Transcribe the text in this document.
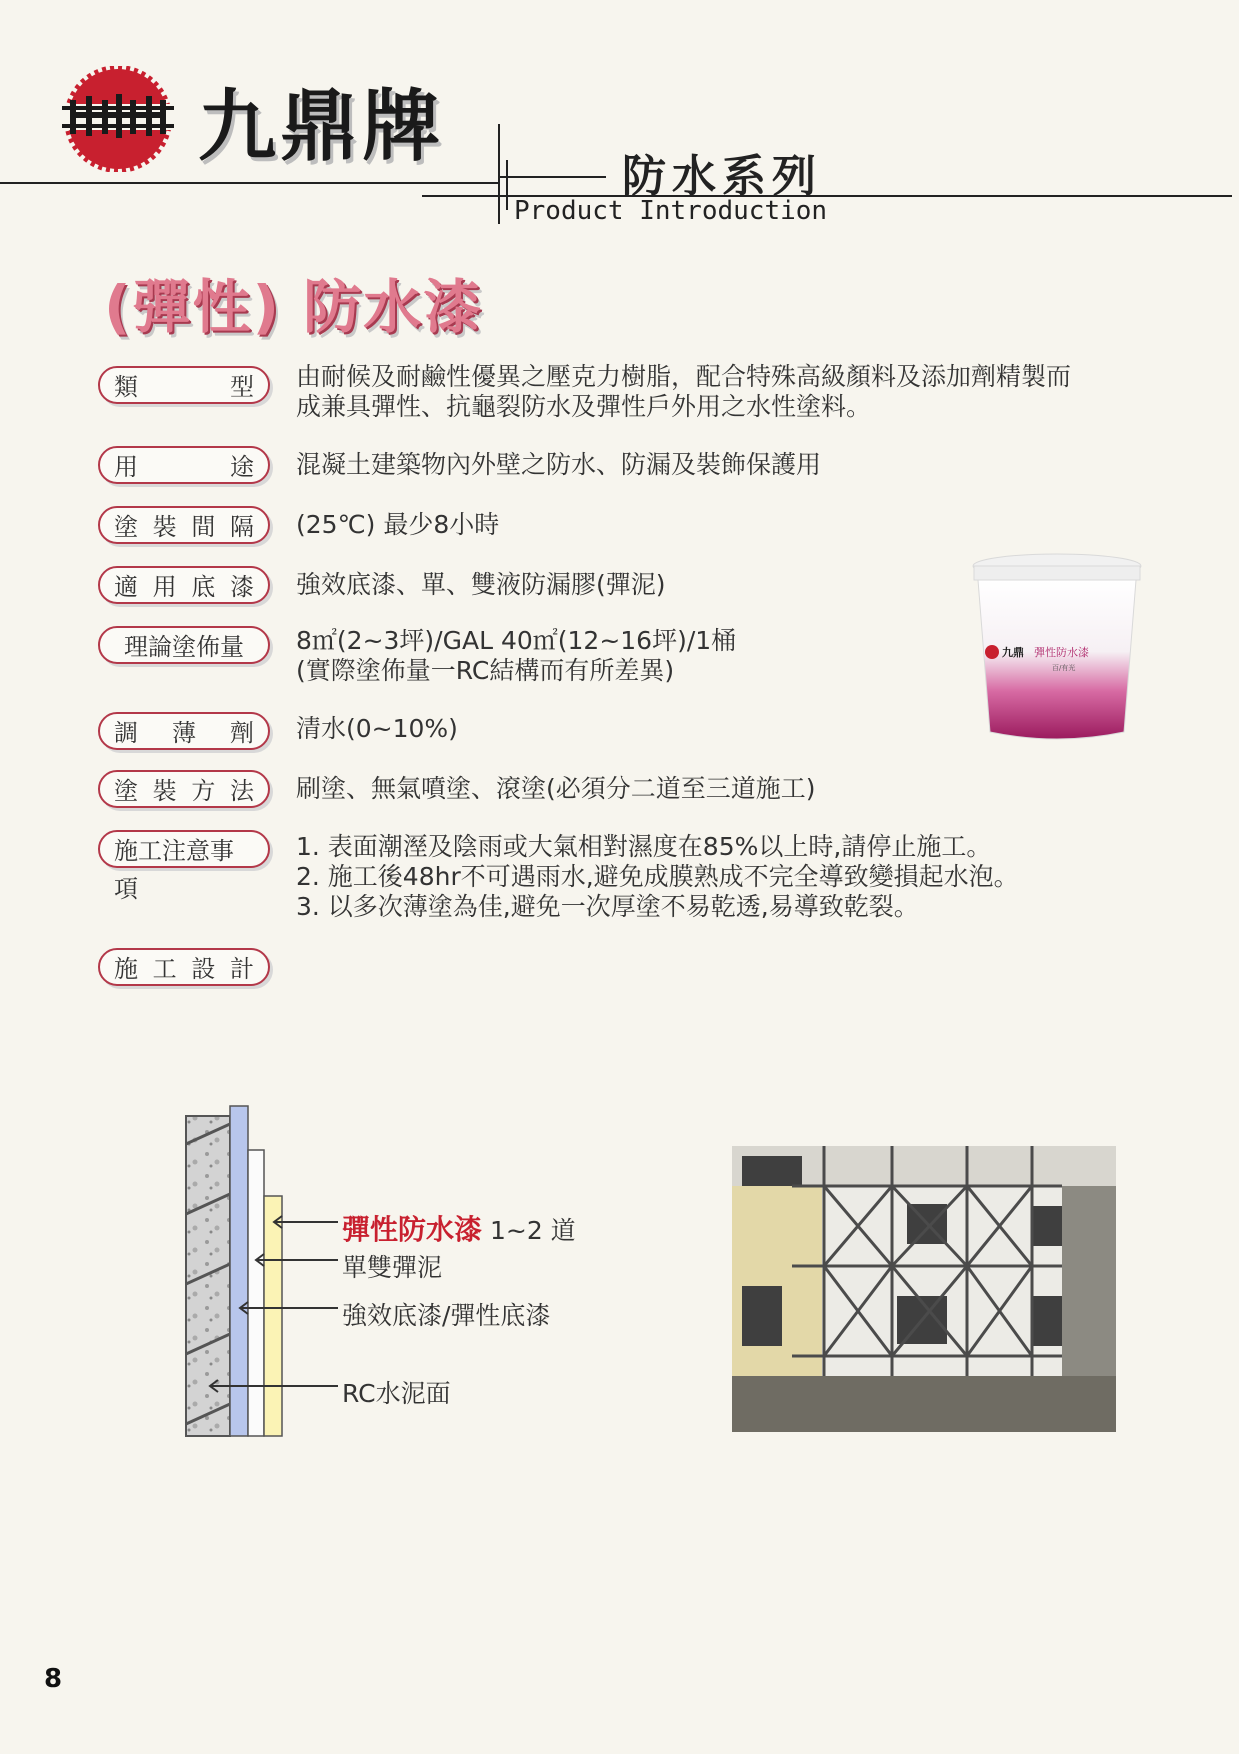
九鼎牌
防水系列
Product Introduction
(彈性) 防水漆
類	型 由耐候及耐鹼性優異之壓克力樹脂，配合特殊高級顏料及添加劑精製而
成兼具彈性、抗龜裂防水及彈性戶外用之水性塗料。
用	途 混凝土建築物內外壁之防水、防漏及裝飾保護用
塗 裝 間 隔 (25℃) 最少8小時
適 用 底 漆 強效底漆、單、雙液防漏膠(彈泥)
理論塗佈量 8㎡(2~3坪)/GAL 40㎡(12~16坪)/1桶
(實際塗佈量一RC結構而有所差異)
調 薄 劑 清水(0~10%)
塗 裝 方 法 刷塗、無氣噴塗、滾塗(必須分二道至三道施工)
施工注意事項
1. 表面潮溼及陰雨或大氣相對濕度在85%以上時,請停止施工。
2. 施工後48hr不可遇雨水,避免成膜熟成不完全導致變損起水泡。
3. 以多次薄塗為佳,避免一次厚塗不易乾透,易導致乾裂。
施 工 設 計
九鼎 彈性防水漆
百/有光
彈性防水漆 1~2 道
單雙彈泥
強效底漆/彈性底漆
RC水泥面
8
